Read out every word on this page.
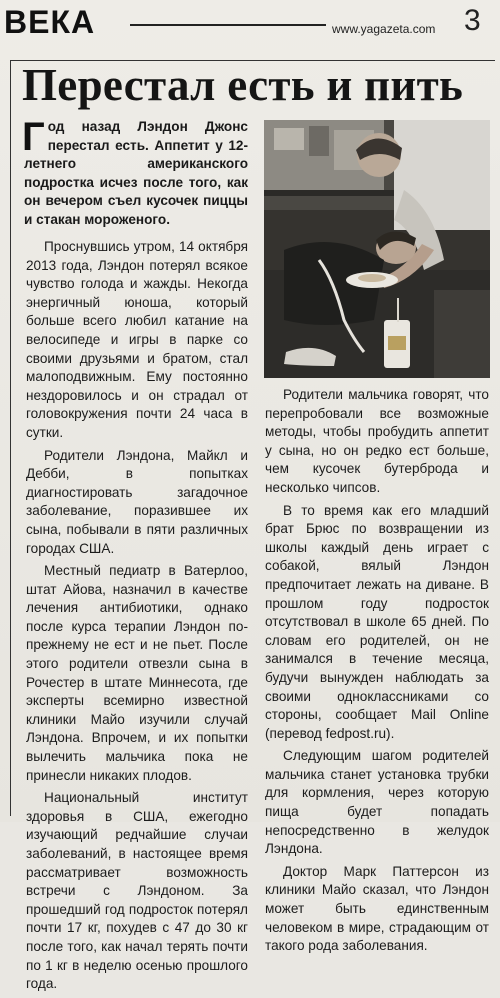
ВЕКА	www.yagazeta.com 3
Перестал есть и пить
Год назад Лэндон Джонс перестал есть. Аппетит у 12-летнего американского подростка исчез после того, как он вечером съел кусочек пиццы и стакан мороженого.

Проснувшись утром, 14 октября 2013 года, Лэндон потерял всякое чувство голода и жажды. Некогда энергичный юноша, который больше всего любил катание на велосипеде и игры в парке со своими друзьями и братом, стал малоподвижным. Ему постоянно нездоровилось и он страдал от головокружения почти 24 часа в сутки.

Родители Лэндона, Майкл и Дебби, в попытках диагностировать загадочное заболевание, поразившее их сына, побывали в пяти различных городах США.

Местный педиатр в Ватерлоо, штат Айова, назначил в качестве лечения антибиотики, однако после курса терапии Лэндон по-прежнему не ест и не пьет. После этого родители отвезли сына в Рочестер в штате Миннесота, где эксперты всемирно известной клиники Майо изучили случай Лэндона. Впрочем, и их попытки вылечить мальчика пока не принесли никаких плодов.

Национальный институт здоровья в США, ежегодно изучающий редчайшие случаи заболеваний, в настоящее время рассматривает возможность встречи с Лэндоном. За прошедший год подросток потерял почти 17 кг, похудев с 47 до 30 кг после того, как начал терять почти по 1 кг в неделю осенью прошлого года.

Родители мальчика говорят, что перепробовали все возможные методы, чтобы пробудить аппетит у сына, но он редко ест больше, чем кусочек бутерброда и несколько чипсов.

В то время как его младший брат Брюс по возвращении из школы каждый день играет с собакой, вялый Лэндон предпочитает лежать на диване. В прошлом году подросток отсутствовал в школе 65 дней. По словам его родителей, он не занимался в течение месяца, будучи вынужден наблюдать за своими одноклассниками со стороны, сообщает Mail Online (перевод fedpost.ru).

Следующим шагом родителей мальчика станет установка трубки для кормления, через которую пища будет попадать непосредственно в желудок Лэндона.

Доктор Марк Паттерсон из клиники Майо сказал, что Лэндон может быть единственным человеком в мире, страдающим от такого рода заболевания.
